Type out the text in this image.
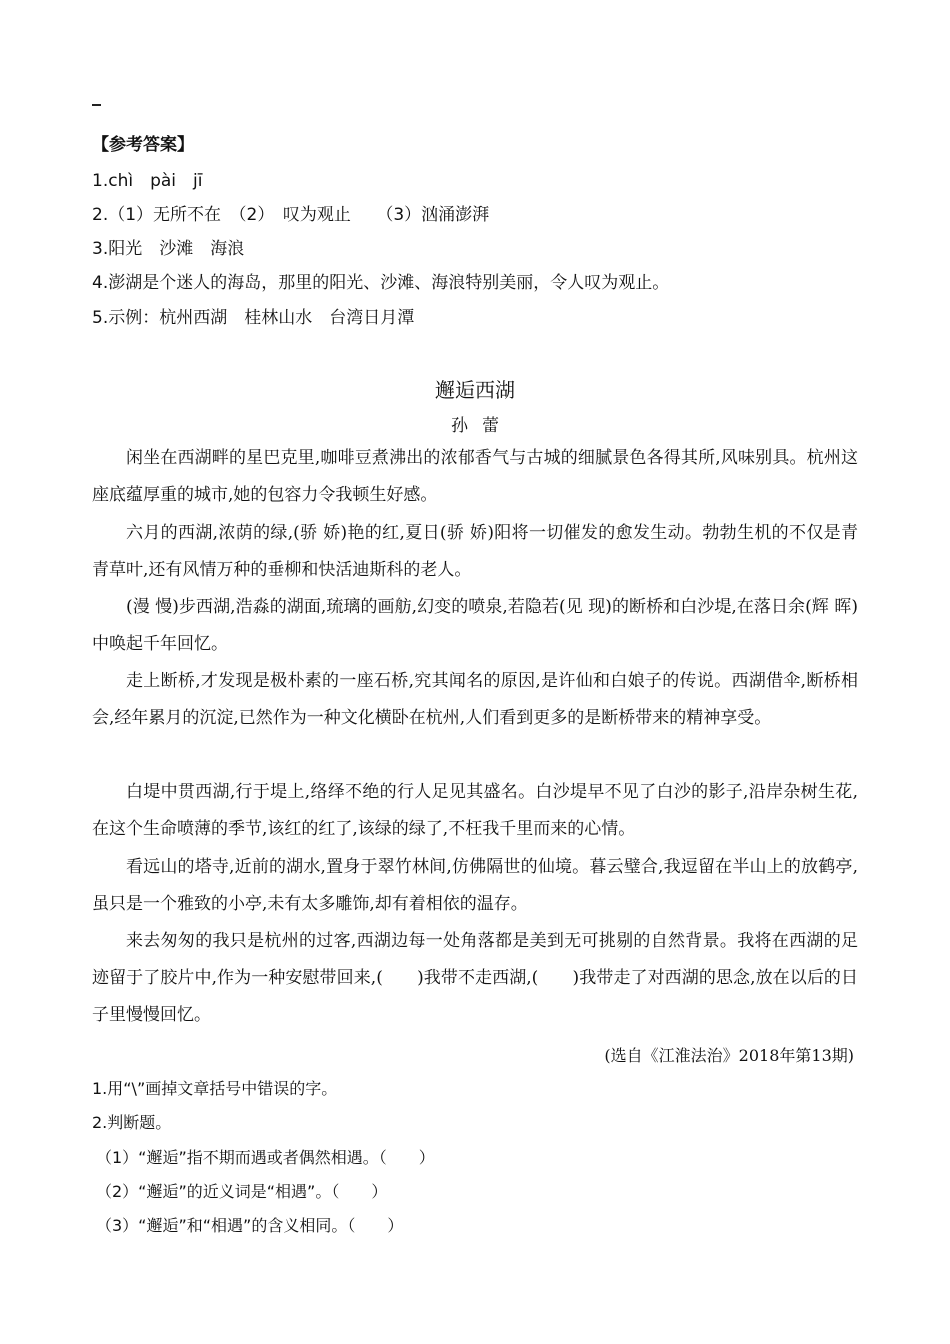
【参考答案】
1.chì　pài　jī
2.（1）无所不在　（2）　叹为观止　　（3）汹涌澎湃
3.阳光　沙滩　海浪
4.澎湖是个迷人的海岛，那里的阳光、沙滩、海浪特别美丽，令人叹为观止。
5.示例：杭州西湖　桂林山水　台湾日月潭
邂逅西湖
孙蕾
闲坐在西湖畔的星巴克里,咖啡豆煮沸出的浓郁香气与古城的细腻景色各得其所,风味别具。杭州这座底蕴厚重的城市,她的包容力令我顿生好感。
六月的西湖,浓荫的绿,(骄 娇)艳的红,夏日(骄 娇)阳将一切催发的愈发生动。勃勃生机的不仅是青青草叶,还有风情万种的垂柳和快活迪斯科的老人。
(漫 慢)步西湖,浩淼的湖面,琉璃的画舫,幻变的喷泉,若隐若(见 现)的断桥和白沙堤,在落日余(辉 晖)中唤起千年回忆。
走上断桥,才发现是极朴素的一座石桥,究其闻名的原因,是许仙和白娘子的传说。西湖借伞,断桥相会,经年累月的沉淀,已然作为一种文化横卧在杭州,人们看到更多的是断桥带来的精神享受。
白堤中贯西湖,行于堤上,络绎不绝的行人足见其盛名。白沙堤早不见了白沙的影子,沿岸杂树生花,在这个生命喷薄的季节,该红的红了,该绿的绿了,不枉我千里而来的心情。
看远山的塔寺,近前的湖水,置身于翠竹林间,仿佛隔世的仙境。暮云璧合,我逗留在半山上的放鹤亭,虽只是一个雅致的小亭,未有太多雕饰,却有着相依的温存。
来去匆匆的我只是杭州的过客,西湖边每一处角落都是美到无可挑剔的自然背景。我将在西湖的足迹留于了胶片中,作为一种安慰带回来,(　　)我带不走西湖,(　　)我带走了对西湖的思念,放在以后的日子里慢慢回忆。
(选自《江淮法治》2018年第13期)
1.用“\”画掉文章括号中错误的字。
2.判断题。
（1）“邂逅”指不期而遇或者偶然相遇。（　　）
（2）“邂逅”的近义词是“相遇”。（　　）
（3）“邂逅”和“相遇”的含义相同。（　　）
